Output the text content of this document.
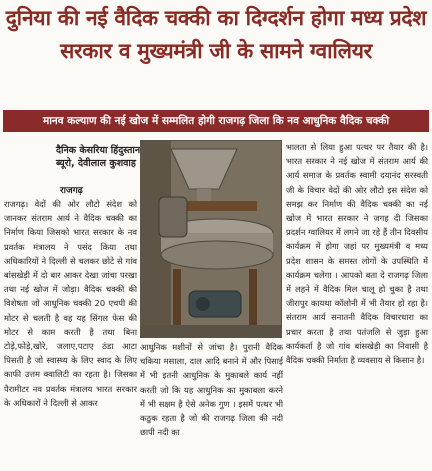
दुनिया की नई वैदिक चक्की का दिग्दर्शन होगा मध्य प्रदेश सरकार व मुख्यमंत्री जी के सामने ग्वालियर
मानव कल्याण की नई खोज में सम्मलित होगी राजगढ़ जिला कि नव आधुनिक वैदिक चक्की
दैनिक केसरिया हिंदुस्तान ब्यूरो, देवीलाल कुशवाह
राजगढ़
राजगढ़। वेदों की ओर लौटो संदेश को जानकर संतराम आर्य ने वैदिक चक्की का निर्माण किया जिसको भारत सरकार के नव प्रवर्तक मंत्रालय ने पसंद किया तथा अधिकारियों ने दिल्ली से चलकर छोटे से गांव बांसखेड़ी में दो बार आकर देखा जांचा परखा तथा नई खोज में जोड़ा। वैदिक चक्की की विशेषता जो आधुनिक चक्की 20 एचपी की मोटर से चलती है वह यह सिंगल फेस की मोटर से काम करती है तथा बिना टोड़े,फोड़े,खोरे, जलाए,पटाए ठंडा आटा पिसती है जो स्वास्थ्य के लिए स्वाद के लिए काफी उत्तम क्वालिटी का रहता है। जिसका पैरामीटर नव प्रवर्तक मंत्रालय भारत सरकार के अधिकारों ने दिल्ली से आकर
आधुनिक मशीनों से जांचा है। पुरानी वैदिक चकिया मसाला, दाल आदि बनाने में और पिसाई में भी इतनी आधुनिक के मुकाबले कार्य नहीं करती जो कि यह आधुनिक का मुकाबला करने में भी सक्षम है ऐसे अनेक गुण । इसमें पत्थर भी कठुक रहता है जो की राजगढ़ जिला की नदी छापी नदी का
भालता से लिया हुआ पत्थर पर तैयार की है। भारत सरकार ने नई खोज में संतराम आर्य की आर्य समाज के प्रवर्तक स्वामी दयानंद सरस्वती जी के विचार वेदों की ओर लौटो इस संदेश को समझ कर निर्माण की वैदिक चक्की का नई खोज में भारत सरकार ने जगह दी जिसका प्रदर्शन ग्वालियर में लगने जा रहे हैं तीन दिवसीय कार्यक्रम में होगा जहां पर मुख्यमंत्री व मध्य प्रदेश शासन के समस्त लोगों के उपस्थिति में कार्यक्रम चलेगा । आपको बता दे राजगढ़ जिला में लहने में वैदिक मिल चालू हो चुका है तथा जीरापुर कायथा कॉलोनी में भी तैयार हो रहा है। संतराम आर्य सनातनी वैदिक विचारधारा का प्रचार करता है तथा पतंजलि से जुड़ा हुआ कार्यकर्ता है जो गांव बांसखेड़ी का निवासी है वैदिक चक्की निर्माता है व्यवसाय से किसान है।
